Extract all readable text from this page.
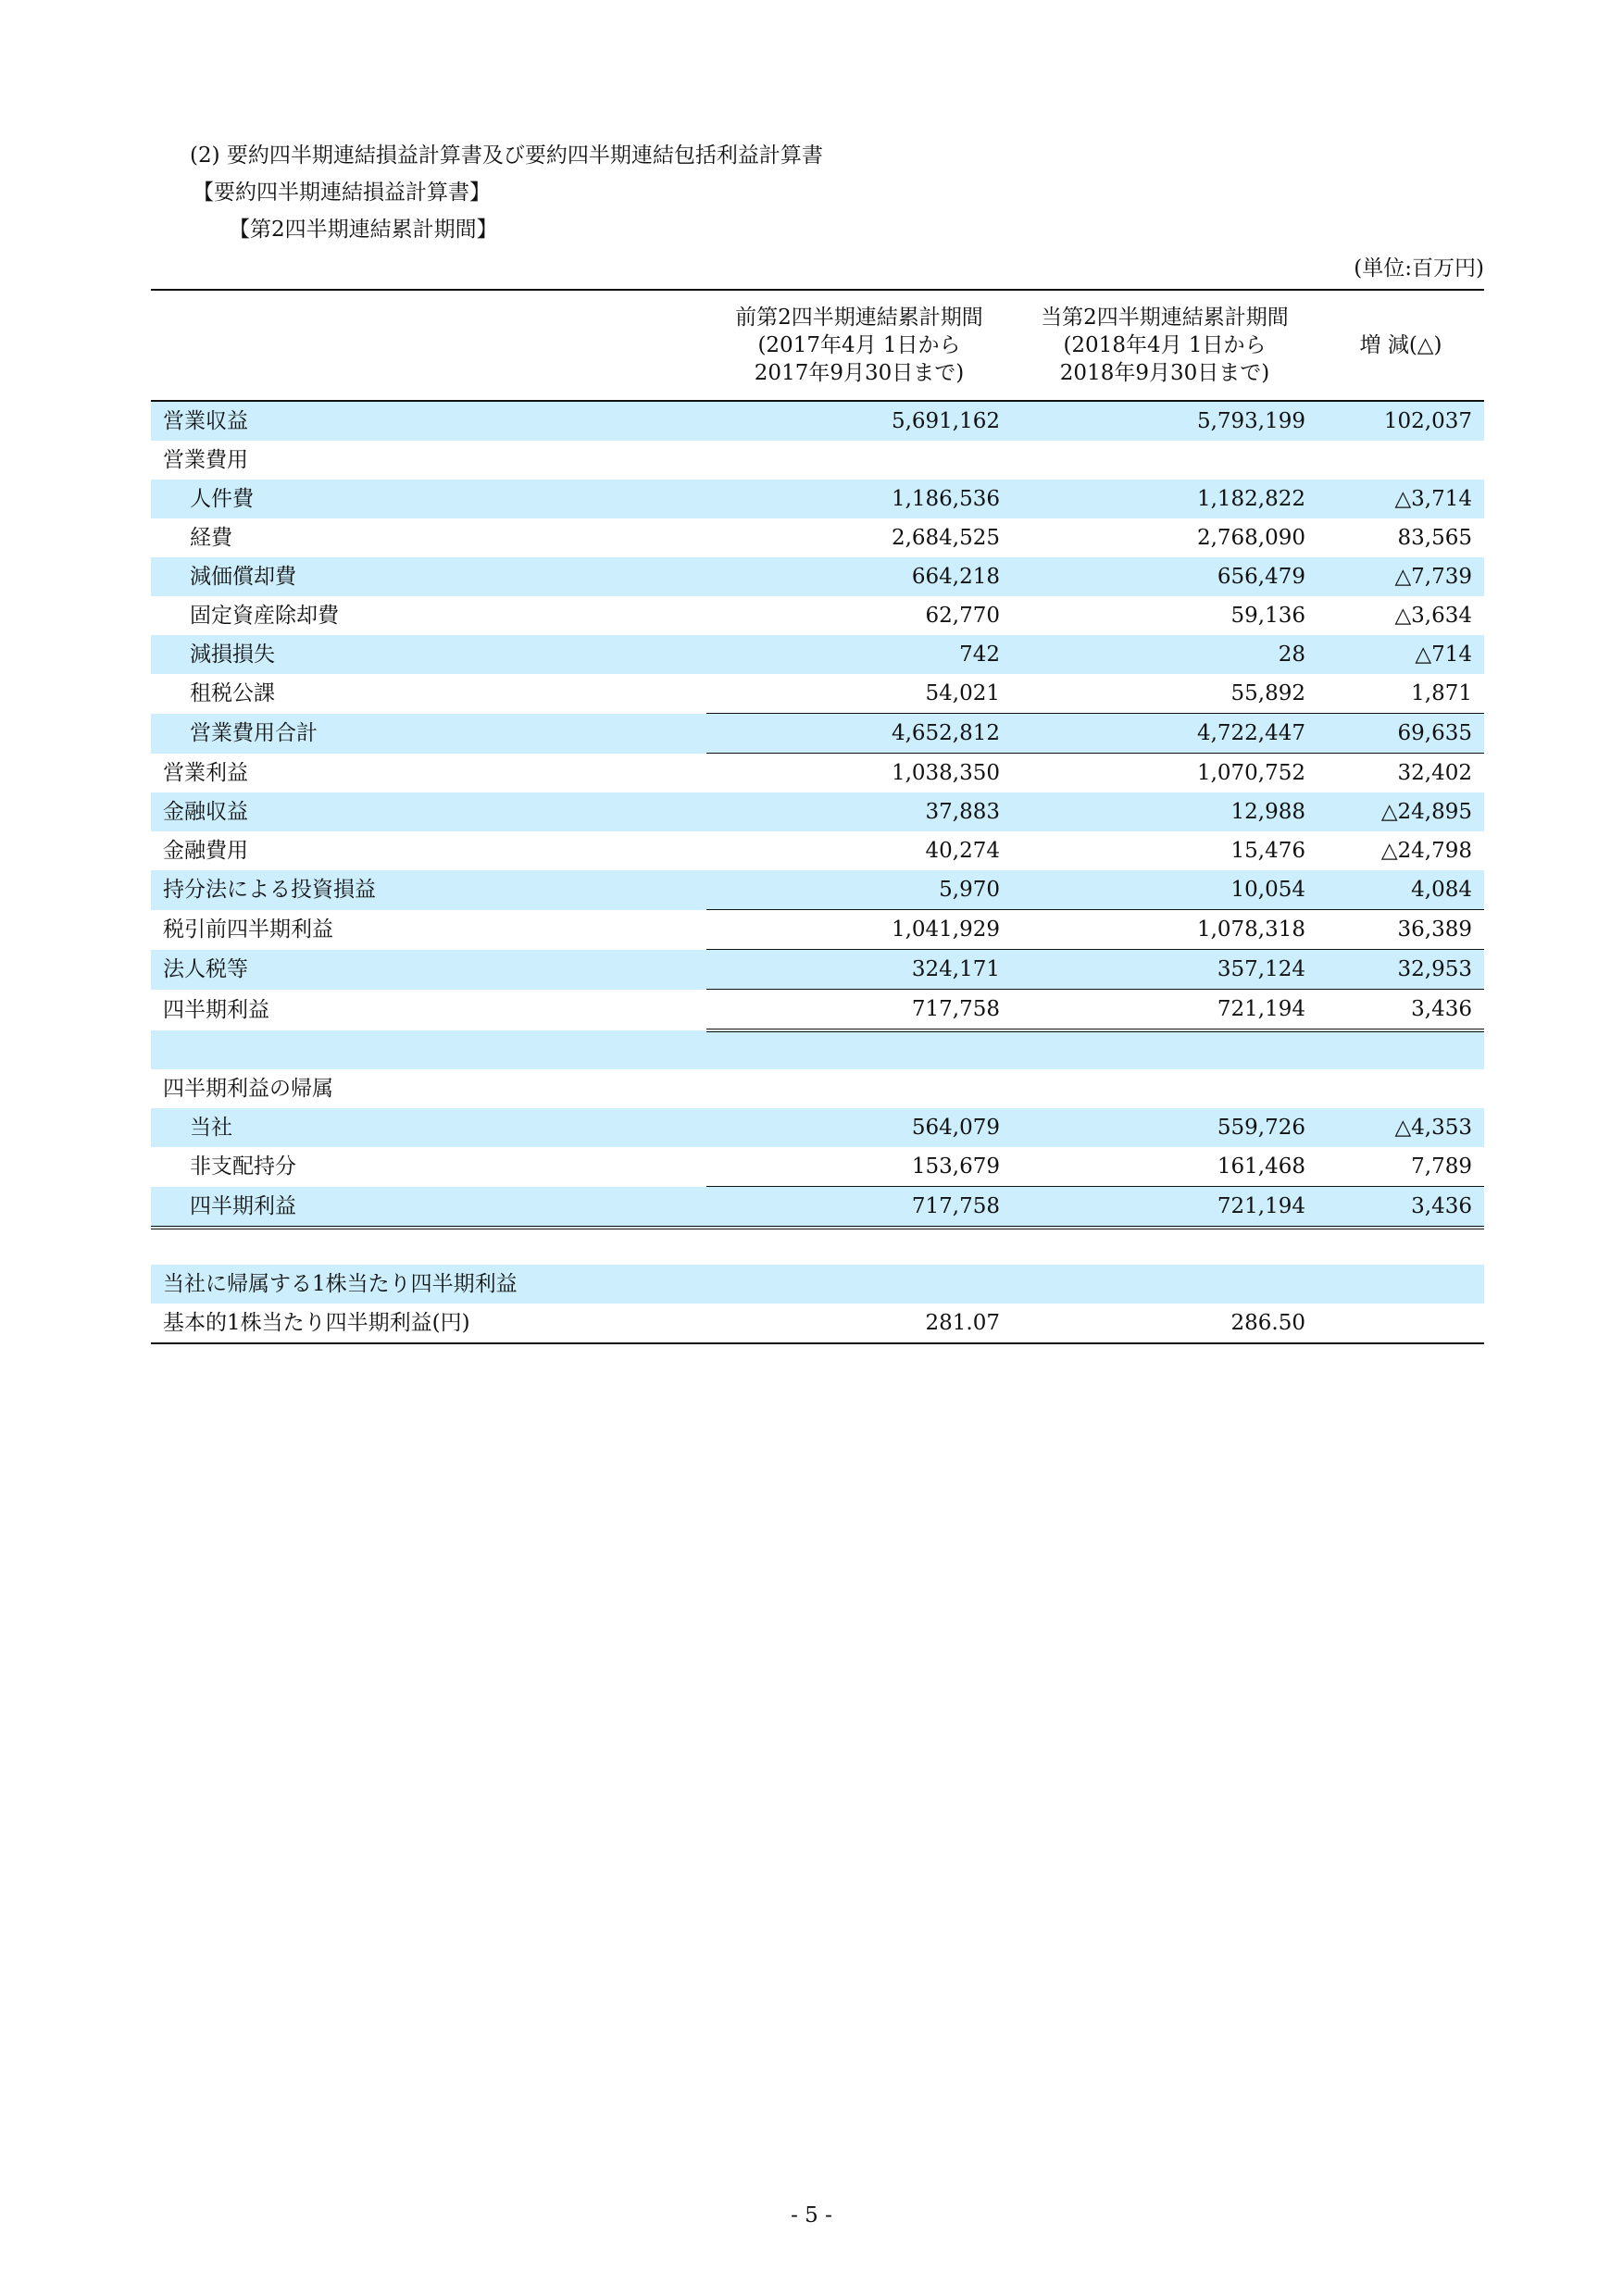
(2) 要約四半期連結損益計算書及び要約四半期連結包括利益計算書
【要約四半期連結損益計算書】
【第2四半期連結累計期間】
(単位:百万円)

	前第2四半期連結累計期間
(2017年4月 1日から
2017年9月30日まで)	当第2四半期連結累計期間
(2018年4月 1日から
2018年9月30日まで)	増 減(△)
営業収益	5,691,162	5,793,199	102,037
営業費用			
人件費	1,186,536	1,182,822	△3,714
経費	2,684,525	2,768,090	83,565
減価償却費	664,218	656,479	△7,739
固定資産除却費	62,770	59,136	△3,634
減損損失	742	28	△714
租税公課	54,021	55,892	1,871
営業費用合計	4,652,812	4,722,447	69,635
営業利益	1,038,350	1,070,752	32,402
金融収益	37,883	12,988	△24,895
金融費用	40,274	15,476	△24,798
持分法による投資損益	5,970	10,054	4,084
税引前四半期利益	1,041,929	1,078,318	36,389
法人税等	324,171	357,124	32,953
四半期利益	717,758	721,194	3,436

四半期利益の帰属			
当社	564,079	559,726	△4,353
非支配持分	153,679	161,468	7,789
四半期利益	717,758	721,194	3,436

当社に帰属する1株当たり四半期利益			
基本的1株当たり四半期利益(円)	281.07	286.50	
- 5 -
